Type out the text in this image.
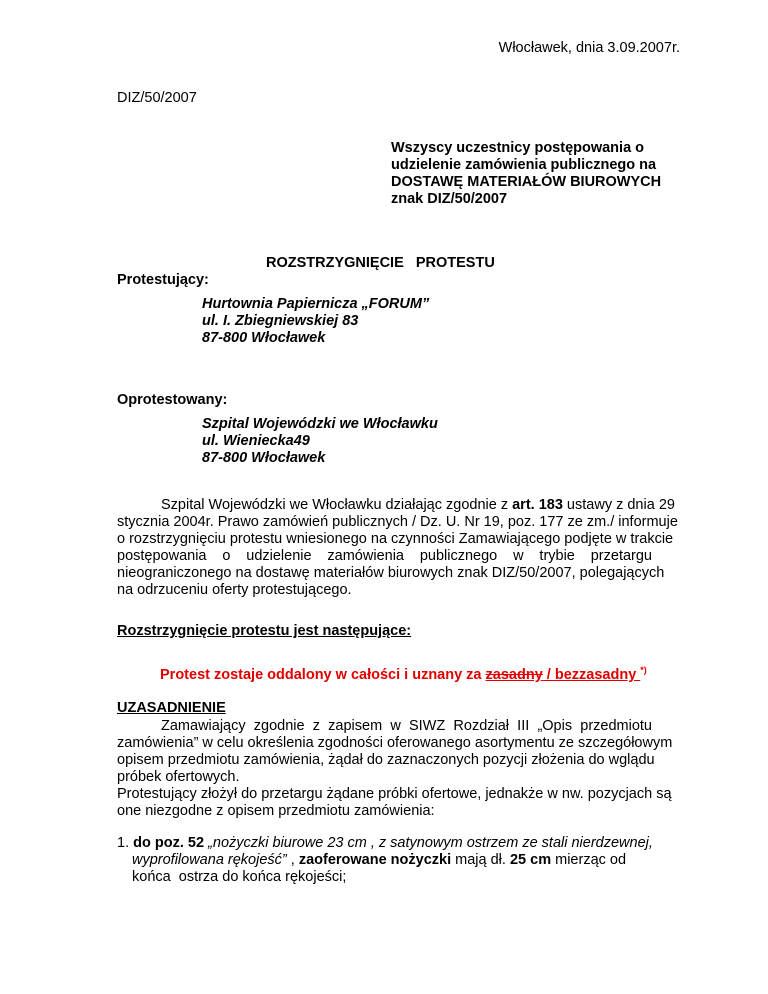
Włocławek, dnia 3.09.2007r.

DIZ/50/2007

Wszyscy uczestnicy postępowania o

udzielenie zamówienia publicznego na

DOSTAWĘ MATERIAŁÓW BIUROWYCH

znak DIZ/50/2007

ROZSTRZYGNIĘCIE   PROTESTU

Protestujący:

Hurtownia Papiernicza „FORUM”

ul. I. Zbiegniewskiej 83

87-800 Włocławek

Oprotestowany:

Szpital Wojewódzki we Włocławku

ul. Wieniecka49

87-800 Włocławek

Szpital Wojewódzki we Włocławku działając zgodnie z art. 183 ustawy z dnia 29

stycznia 2004r. Prawo zamówień publicznych / Dz. U. Nr 19, poz. 177 ze zm./ informuje

o rozstrzygnięciu protestu wniesionego na czynności Zamawiającego podjęte w trakcie

postępowania o udzielenie zamówienia publicznego w trybie przetargu

nieograniczonego na dostawę materiałów biurowych znak DIZ/50/2007, polegających

na odrzuceniu oferty protestującego.

Rozstrzygnięcie protestu jest następujące:

Protest zostaje oddalony w całości i uznany za zasadny / bezzasadny *)

UZASADNIENIE

Zamawiający zgodnie z zapisem w SIWZ Rozdział III „Opis przedmiotu

zamówienia” w celu określenia zgodności oferowanego asortymentu ze szczegółowym

opisem przedmiotu zamówienia, żądał do zaznaczonych pozycji złożenia do wglądu

próbek ofertowych.

Protestujący złożył do przetargu żądane próbki ofertowe, jednakże w nw. pozycjach są

one niezgodne z opisem przedmiotu zamówienia:

1. do poz. 52 „nożyczki biurowe 23 cm , z satynowym ostrzem ze stali nierdzewnej,

wyprofilowana rękojeść” , zaoferowane nożyczki mają dł. 25 cm mierząc od

końca  ostrza do końca rękojeści;
